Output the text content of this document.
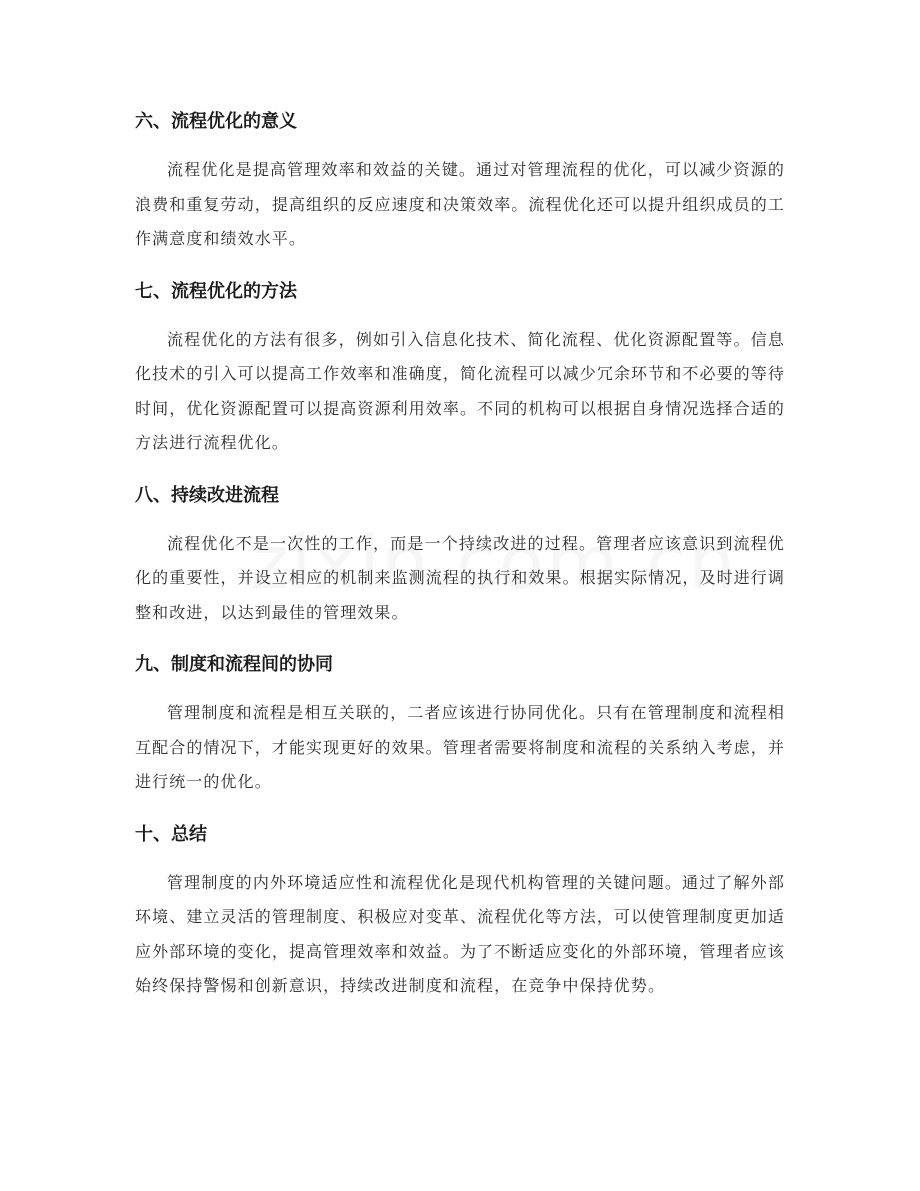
六、流程优化的意义

流程优化是提高管理效率和效益的关键。通过对管理流程的优化，可以减少资源的浪费和重复劳动，提高组织的反应速度和决策效率。流程优化还可以提升组织成员的工作满意度和绩效水平。

七、流程优化的方法

流程优化的方法有很多，例如引入信息化技术、简化流程、优化资源配置等。信息化技术的引入可以提高工作效率和准确度，简化流程可以减少冗余环节和不必要的等待时间，优化资源配置可以提高资源利用效率。不同的机构可以根据自身情况选择合适的方法进行流程优化。

八、持续改进流程

流程优化不是一次性的工作，而是一个持续改进的过程。管理者应该意识到流程优化的重要性，并设立相应的机制来监测流程的执行和效果。根据实际情况，及时进行调整和改进，以达到最佳的管理效果。

九、制度和流程间的协同

管理制度和流程是相互关联的，二者应该进行协同优化。只有在管理制度和流程相互配合的情况下，才能实现更好的效果。管理者需要将制度和流程的关系纳入考虑，并进行统一的优化。

十、总结

管理制度的内外环境适应性和流程优化是现代机构管理的关键问题。通过了解外部环境、建立灵活的管理制度、积极应对变革、流程优化等方法，可以使管理制度更加适应外部环境的变化，提高管理效率和效益。为了不断适应变化的外部环境，管理者应该始终保持警惕和创新意识，持续改进制度和流程，在竞争中保持优势。
